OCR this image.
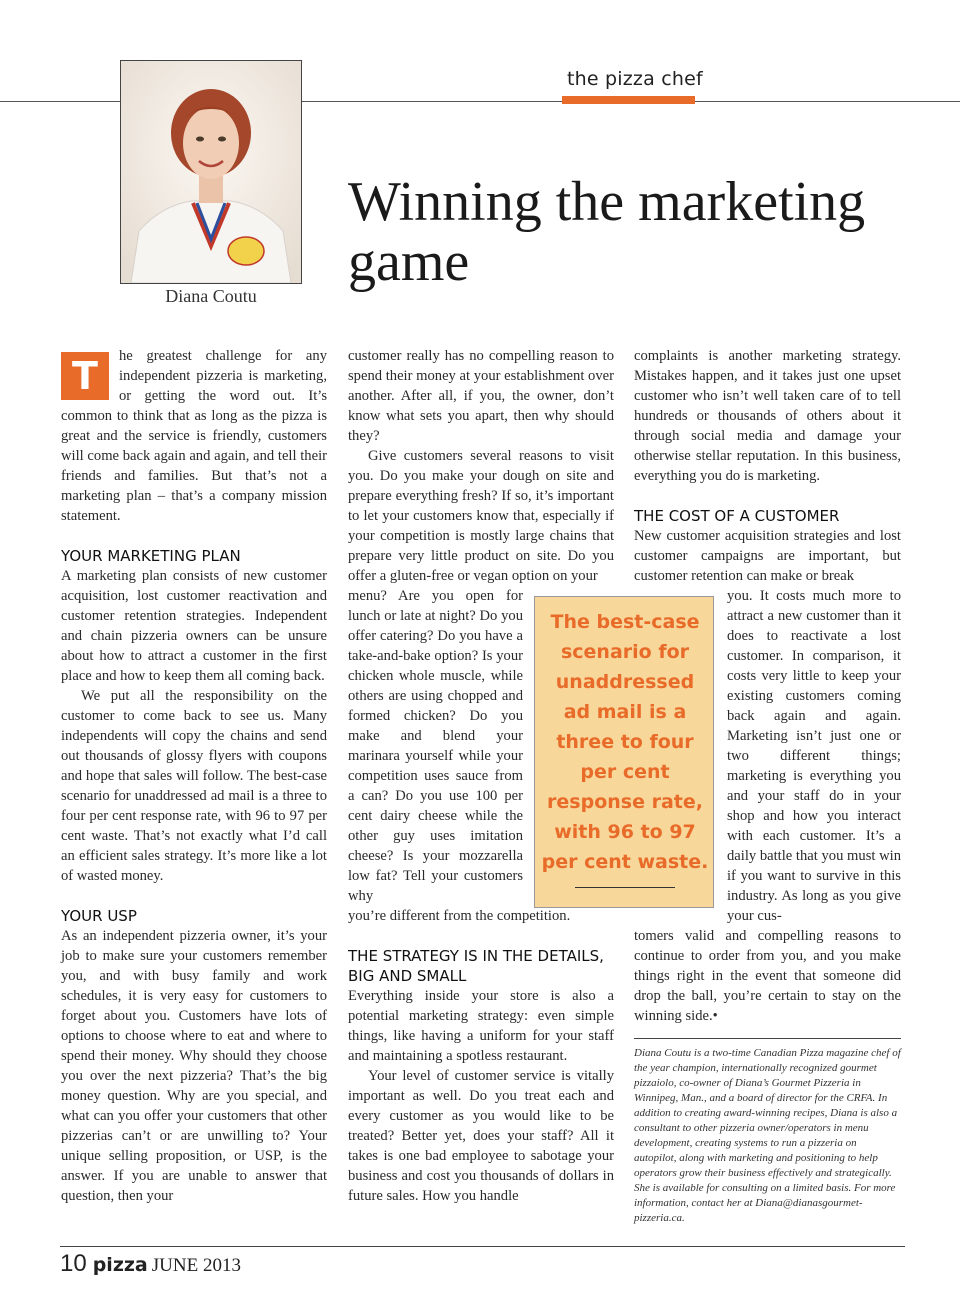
the pizza chef
Diana Coutu
Winning the marketing game
T	he greatest challenge for any independent pizzeria is marketing, or getting the word out. It’s common to think that as long as the pizza is great and the service is friendly, customers will come back again and again, and tell their friends and families. But that’s not a marketing plan – that’s a company mission statement.

YOUR MARKETING PLAN

A marketing plan consists of new customer acquisition, lost customer reactivation and customer retention strategies. Independent and chain pizzeria owners can be unsure about how to attract a customer in the first place and how to keep them all coming back.

We put all the responsibility on the customer to come back to see us. Many independents will copy the chains and send out thousands of glossy flyers with coupons and hope that sales will follow. The best-case scenario for unaddressed ad mail is a three to four per cent response rate, with 96 to 97 per cent waste. That’s not exactly what I’d call an efficient sales strategy. It’s more like a lot of wasted money.

YOUR USP

As an independent pizzeria owner, it’s your job to make sure your customers remember you, and with busy family and work schedules, it is very easy for customers to forget about you. Customers have lots of options to choose where to eat and where to spend their money. Why should they choose you over the next pizzeria? That’s the big money question. Why are you special, and what can you offer your customers that other pizzerias can’t or are unwilling to? Your unique selling proposition, or USP, is the answer. If you are unable to answer that question, then your

customer really has no compelling reason to spend their money at your establishment over another. After all, if you, the owner, don’t know what sets you apart, then why should they?

Give customers several reasons to visit you. Do you make your dough on site and prepare everything fresh? If so, it’s important to let your customers know that, especially if your competition is mostly large chains that prepare very little product on site. Do you offer a gluten-free or vegan option on your

menu? Are you open for lunch or late at night? Do you offer catering? Do you have a take-and-bake option? Is your chicken whole muscle, while others are using chopped and formed chicken? Do you make and blend your marinara yourself while your competition uses sauce from a can? Do you use 100 per cent dairy cheese while the other guy uses imitation cheese? Is your mozzarella low fat? Tell your customers why

you’re different from the competition.

THE STRATEGY IS IN THE DETAILS, BIG AND SMALL

Everything inside your store is also a potential marketing strategy: even simple things, like having a uniform for your staff and maintaining a spotless restaurant.

Your level of customer service is vitally important as well. Do you treat each and every customer as you would like to be treated? Better yet, does your staff? All it takes is one bad employee to sabotage your business and cost you thousands of dollars in future sales. How you handle

complaints is another marketing strategy. Mistakes happen, and it takes just one upset customer who isn’t well taken care of to tell hundreds or thousands of others about it through social media and damage your otherwise stellar reputation. In this business, everything you do is marketing.

THE COST OF A CUSTOMER

New customer acquisition strategies and lost customer campaigns are important, but customer retention can make or break

you. It costs much more to attract a new customer than it does to reactivate a lost customer. In comparison, it costs very little to keep your existing customers coming back again and again. Marketing isn’t just one or two different things; marketing is everything you and your staff do in your shop and how you interact with each customer. It’s a daily battle that you must win if you want to survive in this industry. As long as you give your cus-

tomers valid and compelling reasons to continue to order from you, and you make things right in the event that someone did drop the ball, you’re certain to stay on the winning side.•

The best-case scenario for unaddressed ad mail is a three to four per cent response rate, with 96 to 97 per cent waste.

Diana Coutu is a two-time Canadian Pizza magazine chef of the year champion, internationally recognized gourmet pizzaiolo, co-owner of Diana’s Gourmet Pizzeria in Winnipeg, Man., and a board of director for the CRFA. In addition to creating award-winning recipes, Diana is also a consultant to other pizzeria owner/operators in menu development, creating systems to run a pizzeria on autopilot, along with marketing and positioning to help operators grow their business effectively and strategically. She is available for consulting on a limited basis. For more information, contact her at Diana@dianasgourmet-pizzeria.ca.

10 pizza JUNE 2013
